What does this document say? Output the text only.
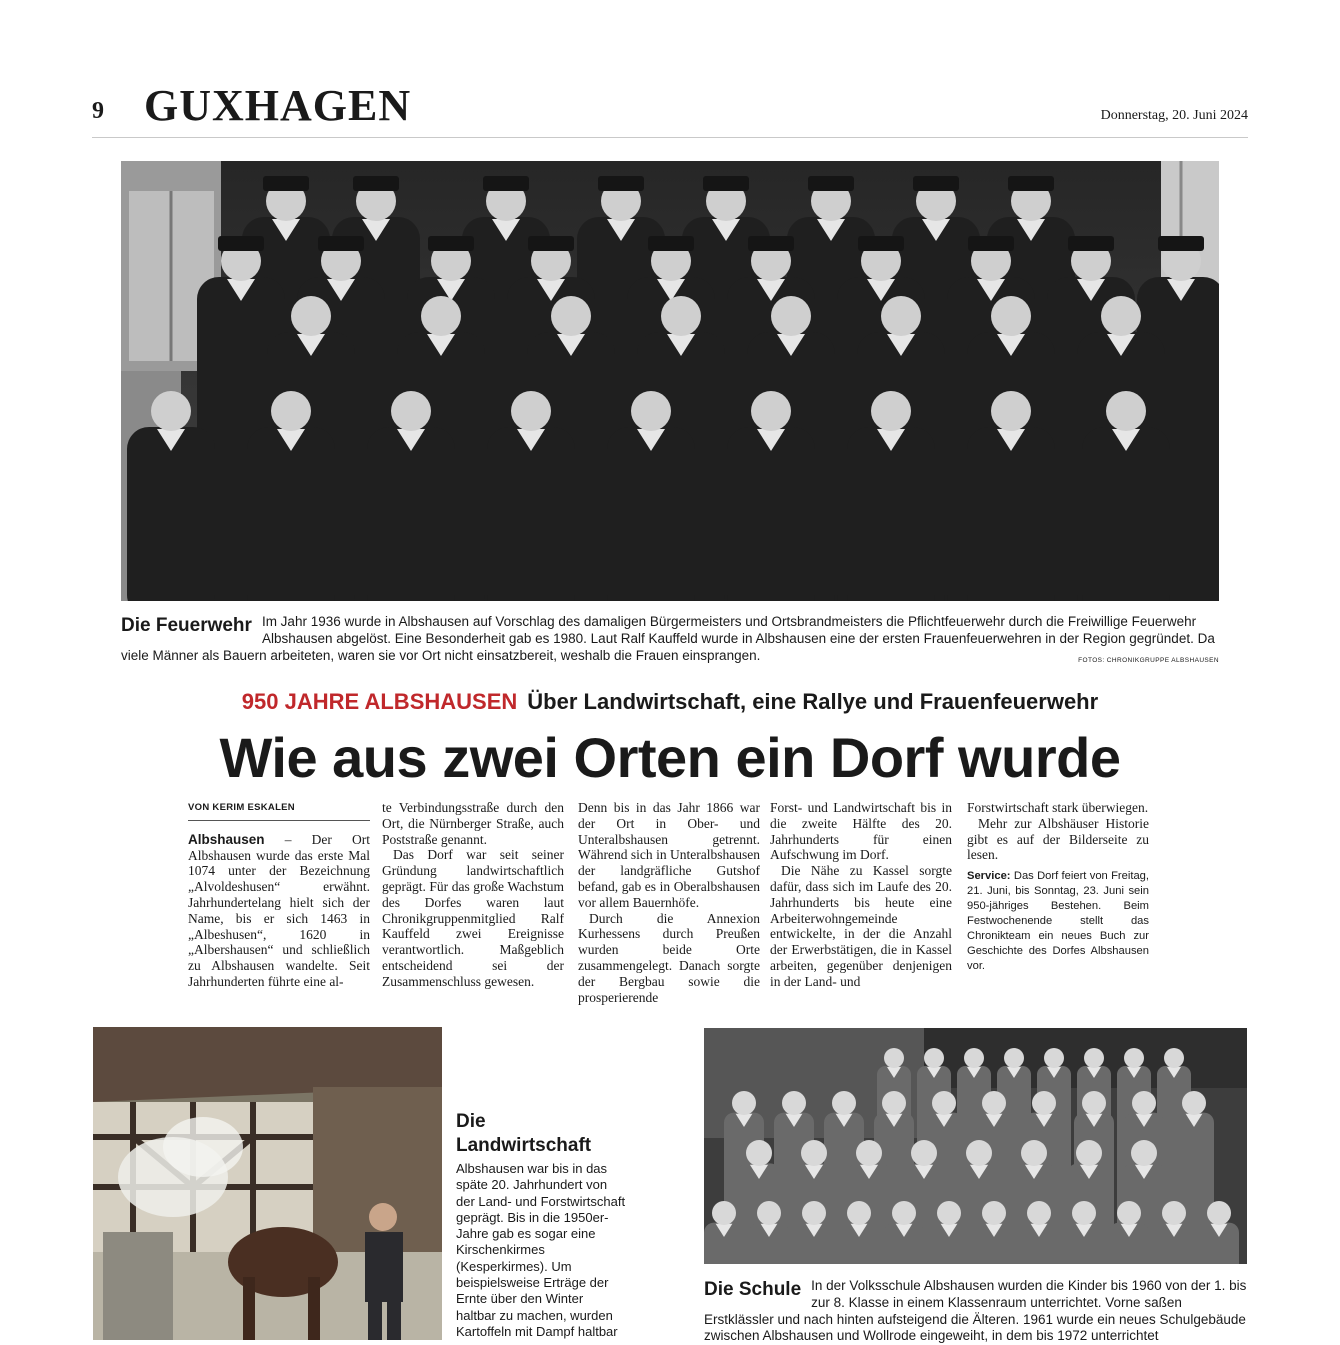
9 GUXHAGEN	Donnerstag, 20. Juni 2024
Die Feuerwehr Im Jahr 1936 wurde in Albshausen auf Vorschlag des damaligen Bürgermeisters und Ortsbrandmeisters die Pflichtfeuerwehr durch die Freiwillige Feuerwehr Albshausen abgelöst. Eine Besonderheit gab es 1980. Laut Ralf Kauffeld wurde in Albshausen eine der ersten Frauenfeuerwehren in der Region gegründet. Da viele Männer als Bauern arbeiteten, waren sie vor Ort nicht einsatzbereit, weshalb die Frauen einsprangen.	FOTOS: CHRONIKGRUPPE ALBSHAUSEN
950 JAHRE ALBSHAUSEN Über Landwirtschaft, eine Rallye und Frauenfeuerwehr
Wie aus zwei Orten ein Dorf wurde

VON KERIM ESKALEN

Albshausen – Der Ort Albshausen wurde das erste Mal 1074 unter der Bezeichnung „Alvoldeshusen“ erwähnt. Jahrhundertelang hielt sich der Name, bis er sich 1463 in „Albeshusen“, 1620 in „Albershausen“ und schließlich zu Albshausen wandelte. Seit Jahrhunderten führte eine al-

te Verbindungsstraße durch den Ort, die Nürnberger Straße, auch Poststraße genannt.

Das Dorf war seit seiner Gründung landwirtschaftlich geprägt. Für das große Wachstum des Dorfes waren laut Chronikgruppenmitglied Ralf Kauffeld zwei Ereignisse verantwortlich. Maßgeblich entscheidend sei der Zusammenschluss gewesen.

Denn bis in das Jahr 1866 war der Ort in Ober- und Unteralbshausen getrennt. Während sich in Unteralbshausen der landgräfliche Gutshof befand, gab es in Oberalbshausen vor allem Bauernhöfe.

Durch die Annexion Kurhessens durch Preußen wurden beide Orte zusammengelegt. Danach sorgte der Bergbau sowie die prosperierende

Forst- und Landwirtschaft bis in die zweite Hälfte des 20. Jahrhunderts für einen Aufschwung im Dorf.

Die Nähe zu Kassel sorgte dafür, dass sich im Laufe des 20. Jahrhunderts bis heute eine Arbeiterwohngemeinde entwickelte, in der die Anzahl der Erwerbstätigen, die in Kassel arbeiten, gegenüber denjenigen in der Land- und

Forstwirtschaft stark überwiegen.

Mehr zur Albshäuser Historie gibt es auf der Bilderseite zu lesen.

Service: Das Dorf feiert von Freitag, 21. Juni, bis Sonntag, 23. Juni sein 950-jähriges Bestehen. Beim Festwochenende stellt das Chronikteam ein neues Buch zur Geschichte des Dorfes Albshausen vor.

Die
Landwirtschaft
Albshausen war bis in das späte 20. Jahrhundert von der Land- und Forstwirtschaft geprägt. Bis in die 1950er-Jahre gab es sogar eine Kirschenkirmes (Kesperkirmes). Um beispielsweise Erträge der Ernte über den Winter haltbar zu machen, wurden Kartoffeln mit Dampf haltbar
Die Schule In der Volksschule Albshausen wurden die Kinder bis 1960 von der 1. bis zur 8. Klasse in einem Klassenraum unterrichtet. Vorne saßen Erstklässler und nach hinten aufsteigend die Älteren. 1961 wurde ein neues Schulgebäude zwischen Albshausen und Wollrode eingeweiht, in dem bis 1972 unterrichtet
